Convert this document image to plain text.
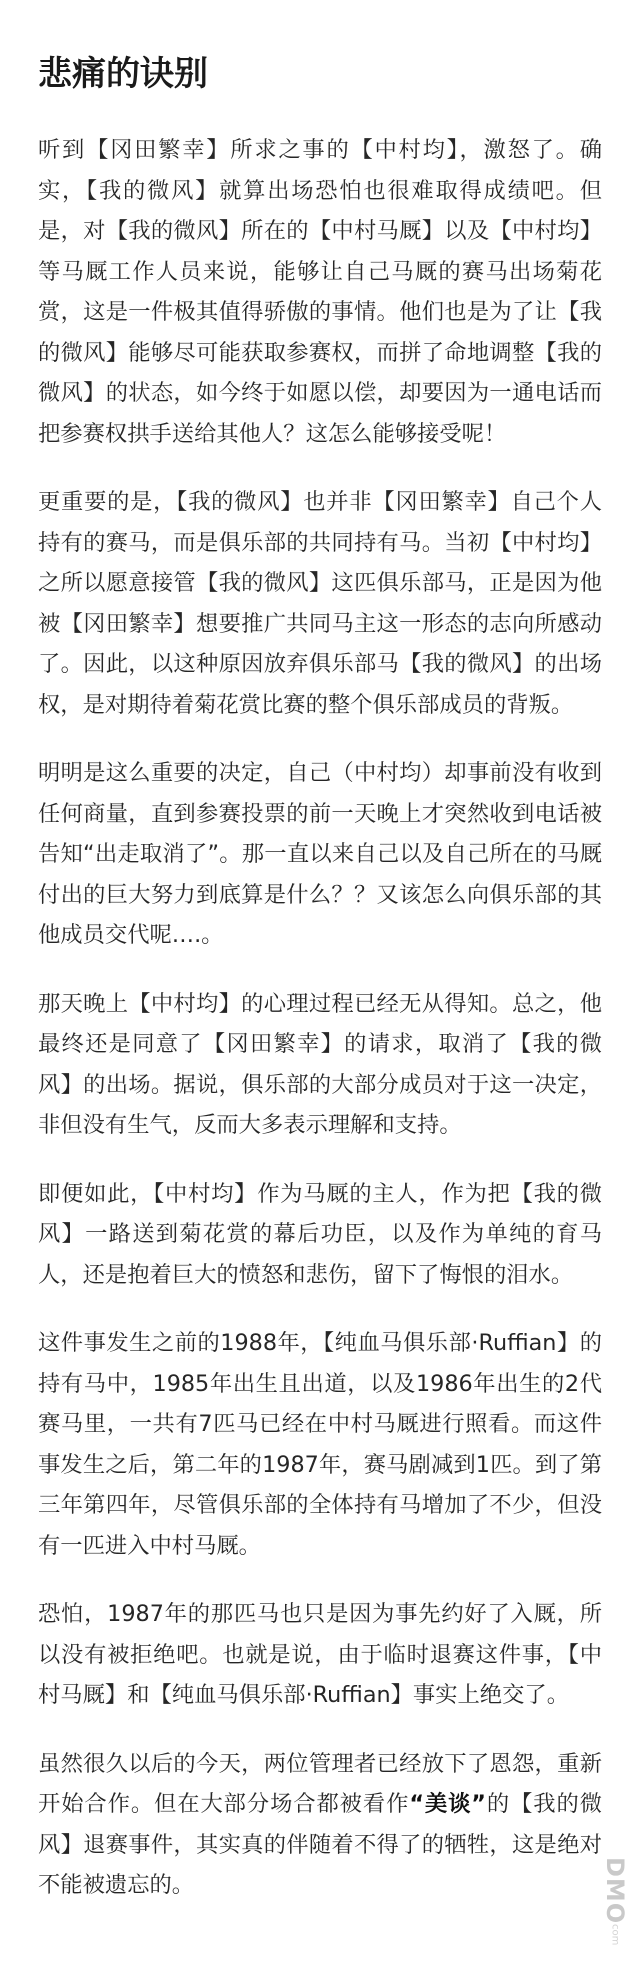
悲痛的诀别

听到【冈田繁幸】所求之事的【中村均】，激怒了。确实，【我的微风】就算出场恐怕也很难取得成绩吧。但是，对【我的微风】所在的【中村马厩】以及【中村均】等马厩工作人员来说，能够让自己马厩的赛马出场菊花赏，这是一件极其值得骄傲的事情。他们也是为了让【我的微风】能够尽可能获取参赛权，而拼了命地调整【我的微风】的状态，如今终于如愿以偿，却要因为一通电话而把参赛权拱手送给其他人？这怎么能够接受呢！

更重要的是，【我的微风】也并非【冈田繁幸】自己个人持有的赛马，而是俱乐部的共同持有马。当初【中村均】之所以愿意接管【我的微风】这匹俱乐部马，正是因为他被【冈田繁幸】想要推广共同马主这一形态的志向所感动了。因此，以这种原因放弃俱乐部马【我的微风】的出场权，是对期待着菊花赏比赛的整个俱乐部成员的背叛。

明明是这么重要的决定，自己（中村均）却事前没有收到任何商量，直到参赛投票的前一天晚上才突然收到电话被告知“出走取消了”。那一直以来自己以及自己所在的马厩付出的巨大努力到底算是什么？？又该怎么向俱乐部的其他成员交代呢….。

那天晚上【中村均】的心理过程已经无从得知。总之，他最终还是同意了【冈田繁幸】的请求，取消了【我的微风】的出场。据说，俱乐部的大部分成员对于这一决定，非但没有生气，反而大多表示理解和支持。

即便如此，【中村均】作为马厩的主人，作为把【我的微风】一路送到菊花赏的幕后功臣，以及作为单纯的育马人，还是抱着巨大的愤怒和悲伤，留下了悔恨的泪水。

这件事发生之前的1988年，【纯血马俱乐部·Ruffian】的持有马中，1985年出生且出道，以及1986年出生的2代赛马里，一共有7匹马已经在中村马厩进行照看。而这件事发生之后，第二年的1987年，赛马剧减到1匹。到了第三年第四年，尽管俱乐部的全体持有马增加了不少，但没有一匹进入中村马厩。

恐怕，1987年的那匹马也只是因为事先约好了入厩，所以没有被拒绝吧。也就是说，由于临时退赛这件事，【中村马厩】和【纯血马俱乐部·Ruffian】事实上绝交了。

虽然很久以后的今天，两位管理者已经放下了恩怨，重新开始合作。但在大部分场合都被看作“美谈”的【我的微风】退赛事件，其实真的伴随着不得了的牺牲，这是绝对不能被遗忘的。	DMO
com
